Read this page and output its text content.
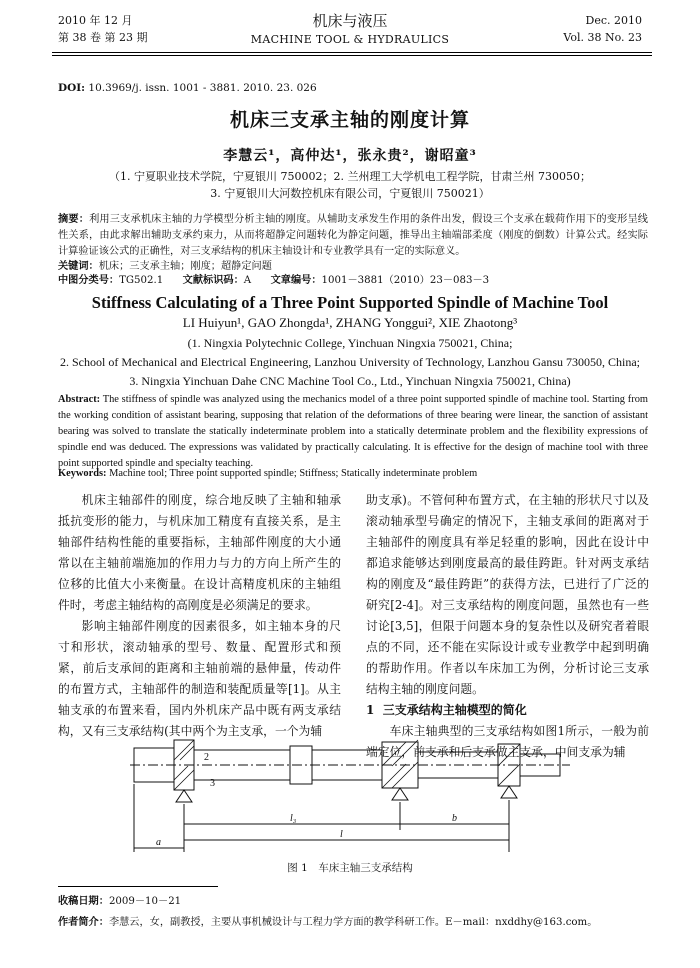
2010 年 12 月
第 38 卷 第 23 期
机床与液压
MACHINE TOOL & HYDRAULICS
Dec. 2010
Vol. 38 No. 23
DOI: 10.3969/j. issn. 1001 - 3881. 2010. 23. 026
机床三支承主轴的刚度计算
李慧云¹，高仲达¹，张永贵²，谢昭童³
（1. 宁夏职业技术学院，宁夏银川 750002；2. 兰州理工大学机电工程学院，甘肃兰州 730050；
3. 宁夏银川大河数控机床有限公司，宁夏银川 750021）
摘要：利用三支承机床主轴的力学模型分析主轴的刚度。从辅助支承发生作用的条件出发，假设三个支承在载荷作用下的变形呈线性关系，由此求解出辅助支承约束力，从而将超静定问题转化为静定问题，推导出主轴端部柔度（刚度的倒数）计算公式。经实际计算验证该公式的正确性，对三支承结构的机床主轴设计和专业教学具有一定的实际意义。
关键词：机床；三支承主轴；刚度；超静定问题
中图分类号：TG502.1 文献标识码：A 文章编号：1001－3881（2010）23－083－3
Stiffness Calculating of a Three Point Supported Spindle of Machine Tool
LI Huiyun¹, GAO Zhongda¹, ZHANG Yonggui², XIE Zhaotong³
(1. Ningxia Polytechnic College, Yinchuan Ningxia 750021, China;
2. School of Mechanical and Electrical Engineering, Lanzhou University of Technology, Lanzhou Gansu 730050, China;
3. Ningxia Yinchuan Dahe CNC Machine Tool Co., Ltd., Yinchuan Ningxia 750021, China)
Abstract: The stiffness of spindle was analyzed using the mechanics model of a three point supported spindle of machine tool. Starting from the working condition of assistant bearing, supposing that relation of the deformations of three bearing were linear, the sanction of assistant bearing was solved to translate the statically indeterminate problem into a statically determinate problem and the flexibility expressions of spindle end was deduced. The expressions was validated by practically calculating. It is effective for the design of machine tool with three point supported spindle and specialty teaching.
Keywords: Machine tool; Three point supported spindle; Stiffness; Statically indeterminate problem

机床主轴部件的刚度，综合地反映了主轴和轴承抵抗变形的能力，与机床加工精度有直接关系，是主轴部件结构性能的重要指标，主轴部件刚度的大小通常以在主轴前端施加的作用力与力的方向上所产生的位移的比值大小来衡量。在设计高精度机床的主轴组件时，考虑主轴结构的高刚度是必须满足的要求。

影响主轴部件刚度的因素很多，如主轴本身的尺寸和形状，滚动轴承的型号、数量、配置形式和预紧，前后支承间的距离和主轴前端的悬伸量，传动件的布置方式，主轴部件的制造和装配质量等[1]。从主轴支承的布置来看，国内外机床产品中既有两支承结构，又有三支承结构(其中两个为主支承，一个为辅

助支承)。不管何种布置方式，在主轴的形状尺寸以及滚动轴承型号确定的情况下，主轴支承间的距离对于主轴部件的刚度具有举足轻重的影响，因此在设计中都追求能够达到刚度最高的最佳跨距。针对两支承结构的刚度及“最佳跨距”的获得方法，已进行了广泛的研究[2-4]。对三支承结构的刚度问题，虽然也有一些讨论[3,5]，但限于问题本身的复杂性以及研究者着眼点的不同，还不能在实际设计或专业教学中起到明确的帮助作用。作者以车床加工为例，分析讨论三支承结构主轴的刚度问题。

1 三支承结构主轴模型的简化

车床主轴典型的三支承结构如图1所示，一般为前端定位，前支承和后支承做主支承，中间支承为辅

l
l₃	b
a
2
3
图 1　车床主轴三支承结构
收稿日期：2009－10－21
作者简介：李慧云，女，副教授，主要从事机械设计与工程力学方面的教学科研工作。E－mail：nxddhy@163.com。
